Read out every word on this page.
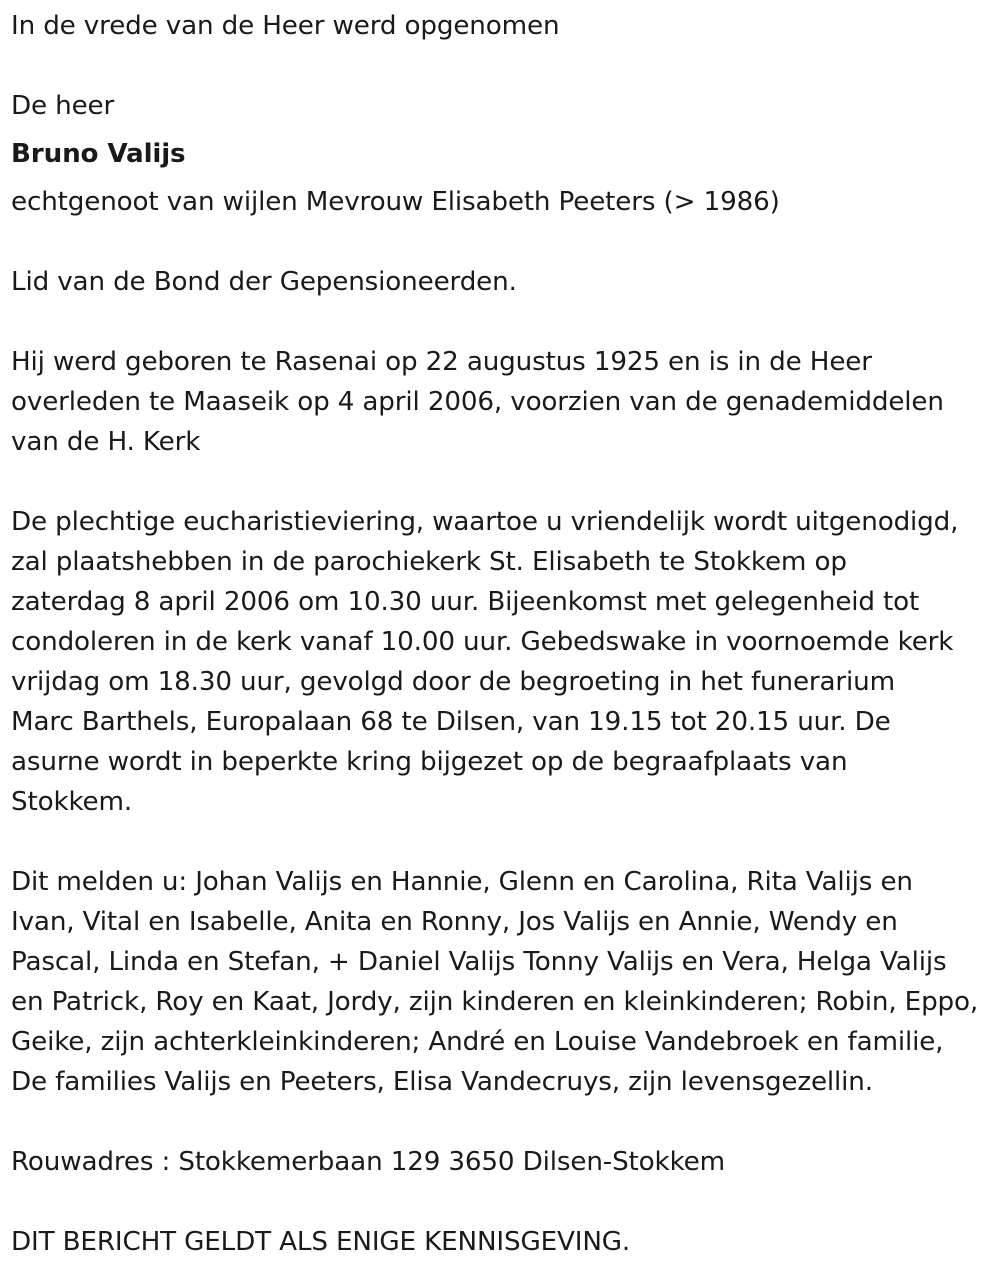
In de vrede van de Heer werd opgenomen

De heer

Bruno Valijs

echtgenoot van wijlen Mevrouw Elisabeth Peeters (> 1986)

Lid van de Bond der Gepensioneerden.

Hij werd geboren te Rasenai op 22 augustus 1925 en is in de Heer

overleden te Maaseik op 4 april 2006, voorzien van de genademiddelen

van de H. Kerk

De plechtige eucharistieviering, waartoe u vriendelijk wordt uitgenodigd,

zal plaatshebben in de parochiekerk St. Elisabeth te Stokkem op

zaterdag 8 april 2006 om 10.30 uur. Bijeenkomst met gelegenheid tot

condoleren in de kerk vanaf 10.00 uur. Gebedswake in voornoemde kerk

vrijdag om 18.30 uur, gevolgd door de begroeting in het funerarium

Marc Barthels, Europalaan 68 te Dilsen, van 19.15 tot 20.15 uur. De

asurne wordt in beperkte kring bijgezet op de begraafplaats van

Stokkem.

Dit melden u: Johan Valijs en Hannie, Glenn en Carolina, Rita Valijs en

Ivan, Vital en Isabelle, Anita en Ronny, Jos Valijs en Annie, Wendy en

Pascal, Linda en Stefan, + Daniel Valijs Tonny Valijs en Vera, Helga Valijs

en Patrick, Roy en Kaat, Jordy, zijn kinderen en kleinkinderen; Robin, Eppo,

Geike, zijn achterkleinkinderen; André en Louise Vandebroek en familie,

De families Valijs en Peeters, Elisa Vandecruys, zijn levensgezellin.

Rouwadres : Stokkemerbaan 129 3650 Dilsen-Stokkem

DIT BERICHT GELDT ALS ENIGE KENNISGEVING.
